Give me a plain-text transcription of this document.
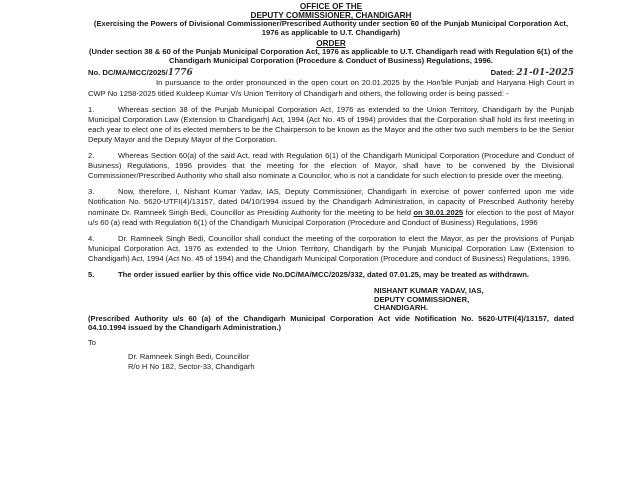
OFFICE OF THE
DEPUTY COMMISSIONER, CHANDIGARH
(Exercising the Powers of Divisional Commissioner/Prescribed Authority under section 60 of the Punjab Municipal Corporation Act, 1976 as applicable to U.T. Chandigarh)
ORDER
(Under section 38 & 60 of the Punjab Municipal Corporation Act, 1976 as applicable to U.T. Chandigarh read with Regulation 6(1) of the Chandigarh Municipal Corporation (Procedure & Conduct of Business) Regulations, 1996.
No. DC/MA/MCC/2025/1776	Dated: 21-01-2025
In pursuance to the order pronounced in the open court on 20.01.2025 by the Hon'ble Punjab and Haryana High Court in CWP No 1258-2025 titled Kuldeep Kumar V/s Union Territory of Chandigarh and others, the following order is being passed: -
1.	Whereas section 38 of the Punjab Municipal Corporation Act, 1976 as extended to the Union Territory, Chandigarh by the Punjab Municipal Corporation Law (Extension to Chandigarh) Act, 1994 (Act No. 45 of 1994) provides that the Corporation shall hold its first meeting in each year to elect one of its elected members to be the Chairperson to be known as the Mayor and the other two such members to be the Senior Deputy Mayor and the Deputy Mayor of the Corporation.
2.	Whereas Section 60(a) of the said Act, read with Regulation 6(1) of the Chandigarh Municipal Corporation (Procedure and Conduct of Business) Regulations, 1996 provides that the meeting for the election of Mayor, shall have to be convened by the Divisional Commissioner/Prescribed Authority who shall also nominate a Councilor, who is not a candidate for such election to preside over the meeting.
3.	Now, therefore, I, Nishant Kumar Yadav, IAS, Deputy Commissioner, Chandigarh in exercise of power conferred upon me vide Notification No. 5620-UTFI(4)/13157, dated 04/10/1994 issued by the Chandigarh Administration, in capacity of Prescribed Authority hereby nominate Dr. Ramneek Singh Bedi, Councillor as Presiding Authority for the meeting to be held on 30.01.2025 for election to the post of Mayor u/s 60 (a) read with Regulation 6(1) of the Chandigarh Municipal Corporation (Procedure and Conduct of Business) Regulations, 1996
4.	Dr. Ramneek Singh Bedi, Councillor shall conduct the meeting of the corporation to elect the Mayor, as per the provisions of Punjab Municipal Corporation Act, 1976 as extended to the Union Territory, Chandigarh by the Punjab Municipal Corporation Law (Extension to Chandigarh) Act, 1994 (Act No. 45 of 1994) and the Chandigarh Municipal Corporation (Procedure and conduct of Business) Regulations, 1996.
5.	The order issued earlier by this office vide No.DC/MA/MCC/2025/332, dated 07.01.25, may be treated as withdrawn.
NISHANT KUMAR YADAV, IAS,
DEPUTY COMMISSIONER,
CHANDIGARH.
(Prescribed Authority u/s 60 (a) of the Chandigarh Municipal Corporation Act vide Notification No. 5620-UTFI(4)/13157, dated 04.10.1994 issued by the Chandigarh Administration.)
To
Dr. Ramneek Singh Bedi, Councillor
R/o H No 182, Sector-33, Chandigarh
